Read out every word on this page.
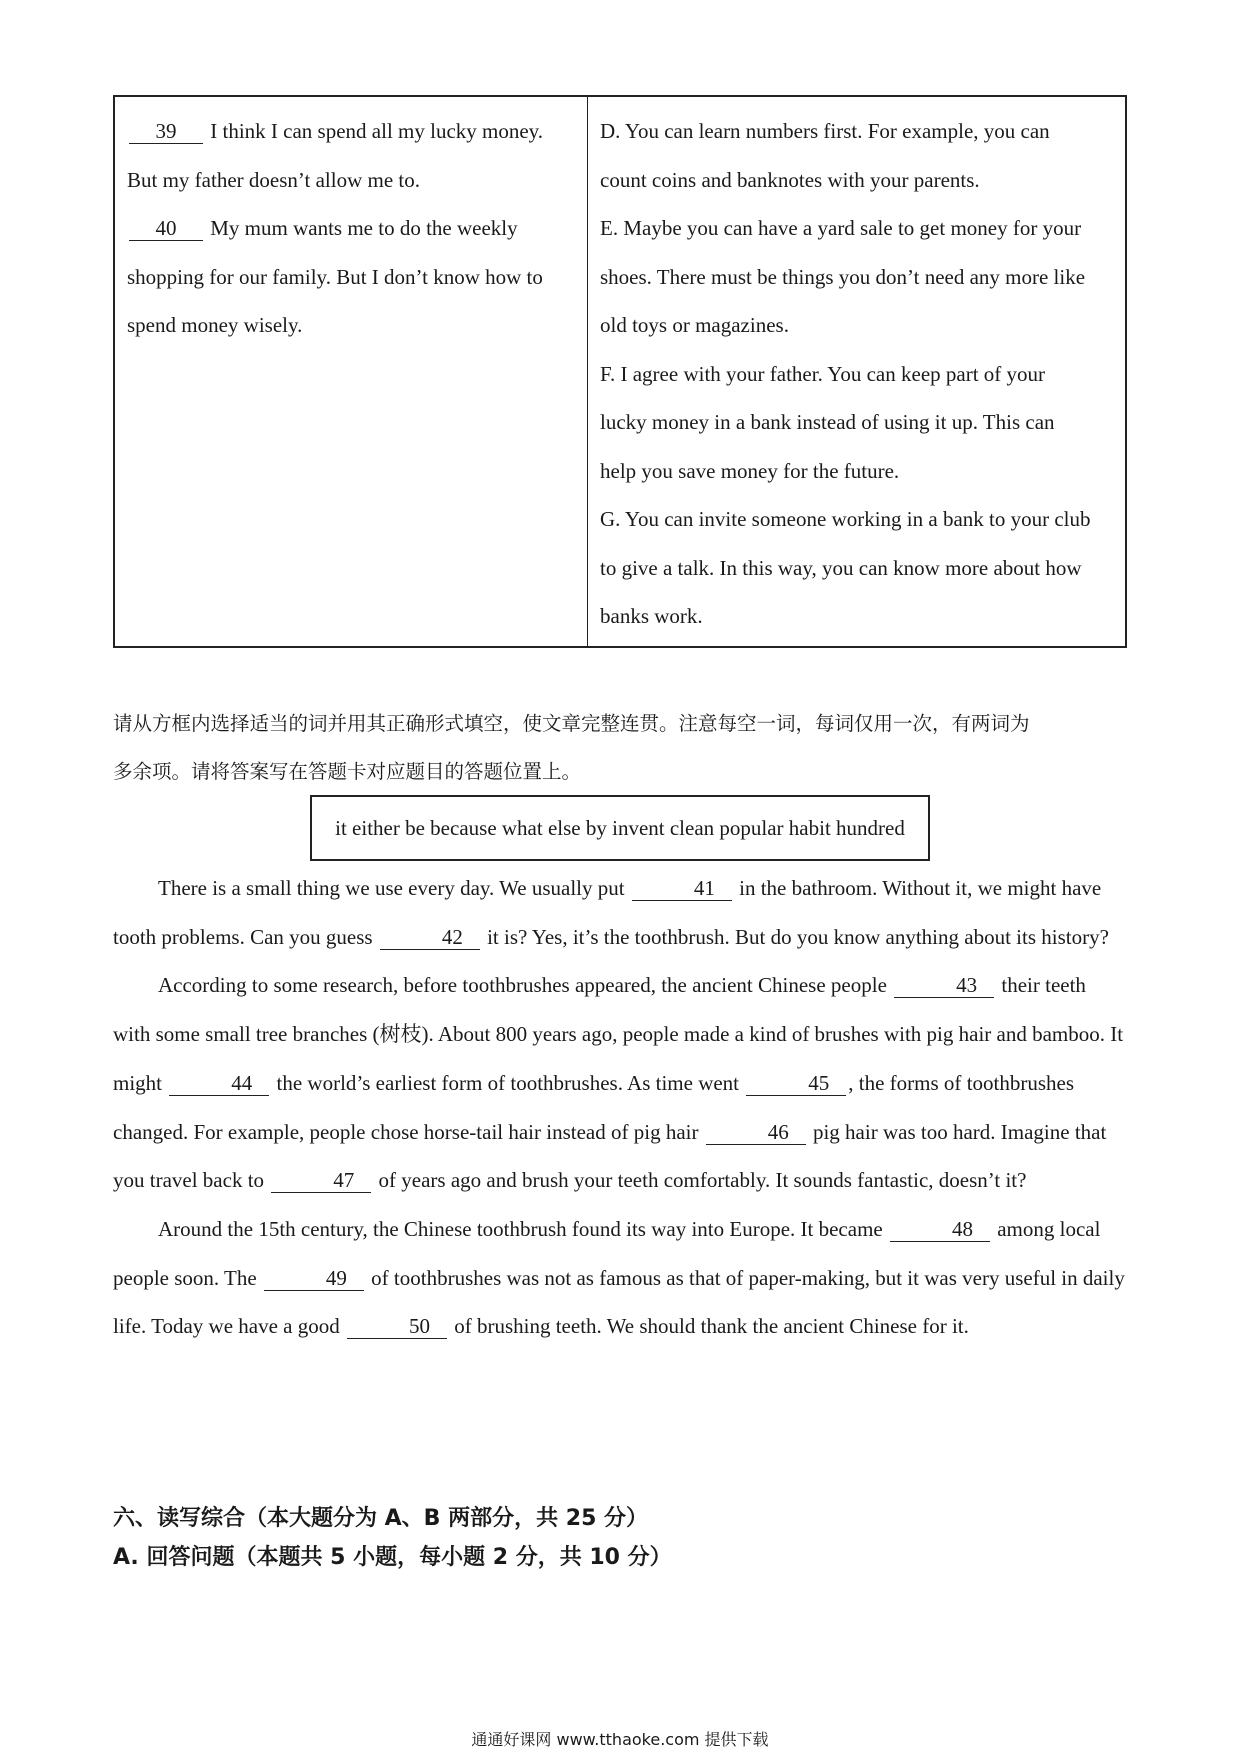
39 I think I can spend all my lucky money.
But my father doesn’t allow me to.
40 My mum wants me to do the weekly
shopping for our family. But I don’t know how to
spend money wisely.
D. You can learn numbers first. For example, you can
count coins and banknotes with your parents.
E. Maybe you can have a yard sale to get money for your
shoes. There must be things you don’t need any more like
old toys or magazines.
F. I agree with your father. You can keep part of your
lucky money in a bank instead of using it up. This can
help you save money for the future.
G. You can invite someone working in a bank to your club
to give a talk. In this way, you can know more about how
banks work.
请从方框内选择适当的词并用其正确形式填空，使文章完整连贯。注意每空一词，每词仅用一次，有两词为
多余项。请将答案写在答题卡对应题目的答题位置上。
it either be because what else by invent clean popular habit hundred

There is a small thing we use every day. We usually put	41 in the bathroom. Without it, we might have tooth problems. Can you guess	42 it is? Yes, it’s the toothbrush. But do you know anything about its history?

According to some research, before toothbrushes appeared, the ancient Chinese people	43 their teeth with some small tree branches (树枝). About 800 years ago, people made a kind of brushes with pig hair and bamboo. It might	44 the world’s earliest form of toothbrushes. As time went	45 , the forms of toothbrushes changed. For example, people chose horse-tail hair instead of pig hair	46 pig hair was too hard. Imagine that you travel back to	47 of years ago and brush your teeth comfortably. It sounds fantastic, doesn’t it?

Around the 15th century, the Chinese toothbrush found its way into Europe. It became	48 among local people soon. The	49 of toothbrushes was not as famous as that of paper-making, but it was very useful in daily life. Today we have a good	50 of brushing teeth. We should thank the ancient Chinese for it.

六、读写综合（本大题分为 A、B 两部分，共 25 分）
A. 回答问题（本题共 5 小题，每小题 2 分，共 10 分）
通通好课网 www.tthaoke.com 提供下载
